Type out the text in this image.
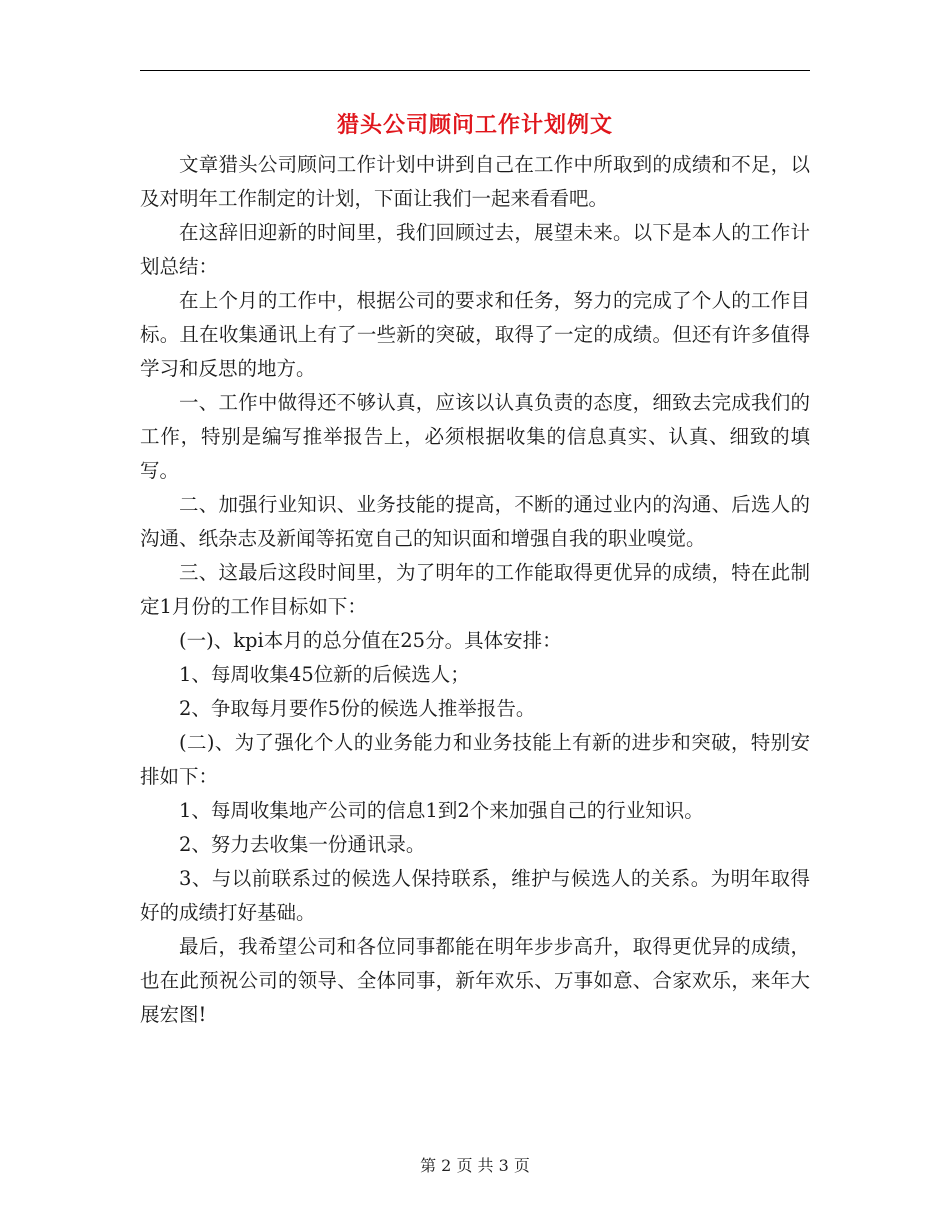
猎头公司顾问工作计划例文

文章猎头公司顾问工作计划中讲到自己在工作中所取到的成绩和不足，以及对明年工作制定的计划，下面让我们一起来看看吧。

在这辞旧迎新的时间里，我们回顾过去，展望未来。以下是本人的工作计划总结：

在上个月的工作中，根据公司的要求和任务，努力的完成了个人的工作目标。且在收集通讯上有了一些新的突破，取得了一定的成绩。但还有许多值得学习和反思的地方。

一、工作中做得还不够认真，应该以认真负责的态度，细致去完成我们的工作，特别是编写推举报告上，必须根据收集的信息真实、认真、细致的填写。

二、加强行业知识、业务技能的提高，不断的通过业内的沟通、后选人的沟通、纸杂志及新闻等拓宽自己的知识面和增强自我的职业嗅觉。

三、这最后这段时间里，为了明年的工作能取得更优异的成绩，特在此制定1月份的工作目标如下：

(一)、kpi本月的总分值在25分。具体安排：

1、每周收集45位新的后候选人；

2、争取每月要作5份的候选人推举报告。

(二)、为了强化个人的业务能力和业务技能上有新的进步和突破，特别安排如下：

1、每周收集地产公司的信息1到2个来加强自己的行业知识。

2、努力去收集一份通讯录。

3、与以前联系过的候选人保持联系，维护与候选人的关系。为明年取得好的成绩打好基础。

最后，我希望公司和各位同事都能在明年步步高升，取得更优异的成绩，也在此预祝公司的领导、全体同事，新年欢乐、万事如意、合家欢乐，来年大展宏图!

第 2 页 共 3 页
